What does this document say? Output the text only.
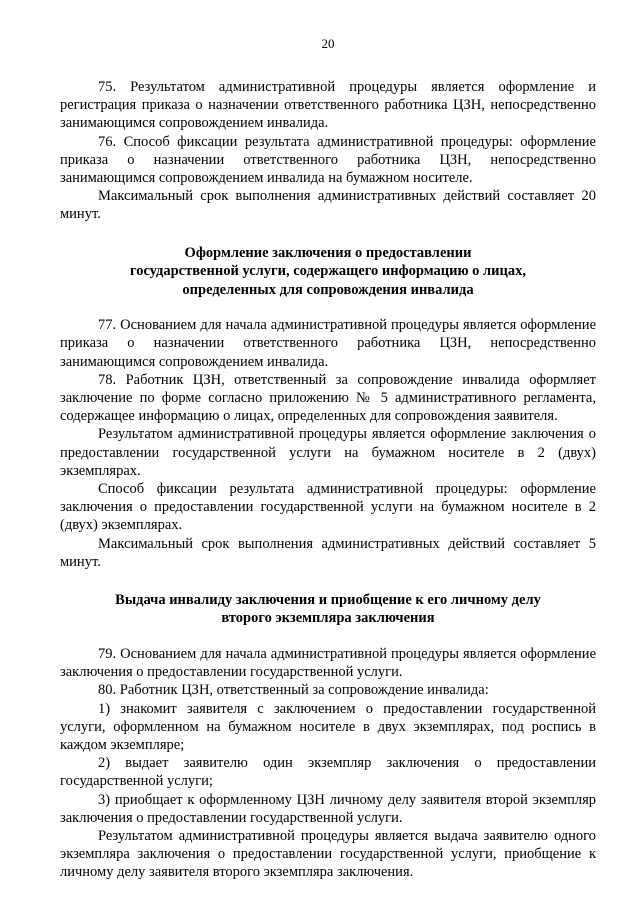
20

75. Результатом административной процедуры является оформление и регистрация приказа о назначении ответственного работника ЦЗН, непосредственно занимающимся сопровождением инвалида.

76. Способ фиксации результата административной процедуры: оформление приказа о назначении ответственного работника ЦЗН, непосредственно занимающимся сопровождением инвалида на бумажном носителе.

Максимальный срок выполнения административных действий составляет 20 минут.

Оформление заключения о предоставлении

государственной услуги, содержащего информацию о лицах,

определенных для сопровождения инвалида

77. Основанием для начала административной процедуры является оформление приказа о назначении ответственного работника ЦЗН, непосредственно занимающимся сопровождением инвалида.

78. Работник ЦЗН, ответственный за сопровождение инвалида оформляет заключение по форме согласно приложению № 5 административного регламента, содержащее информацию о лицах, определенных для сопровождения заявителя.

Результатом административной процедуры является оформление заключения о предоставлении государственной услуги на бумажном носителе в 2 (двух) экземплярах.

Способ фиксации результата административной процедуры: оформление заключения о предоставлении государственной услуги на бумажном носителе в 2 (двух) экземплярах.

Максимальный срок выполнения административных действий составляет 5 минут.

Выдача инвалиду заключения и приобщение к его личному делу

второго экземпляра заключения

79. Основанием для начала административной процедуры является оформление заключения о предоставлении государственной услуги.

80. Работник ЦЗН, ответственный за сопровождение инвалида:

1) знакомит заявителя с заключением о предоставлении государственной услуги, оформленном на бумажном носителе в двух экземплярах, под роспись в каждом экземпляре;

2) выдает заявителю один экземпляр заключения о предоставлении государственной услуги;

3) приобщает к оформленному ЦЗН личному делу заявителя второй экземпляр заключения о предоставлении государственной услуги.

Результатом административной процедуры является выдача заявителю одного экземпляра заключения о предоставлении государственной услуги, приобщение к личному делу заявителя второго экземпляра заключения.
